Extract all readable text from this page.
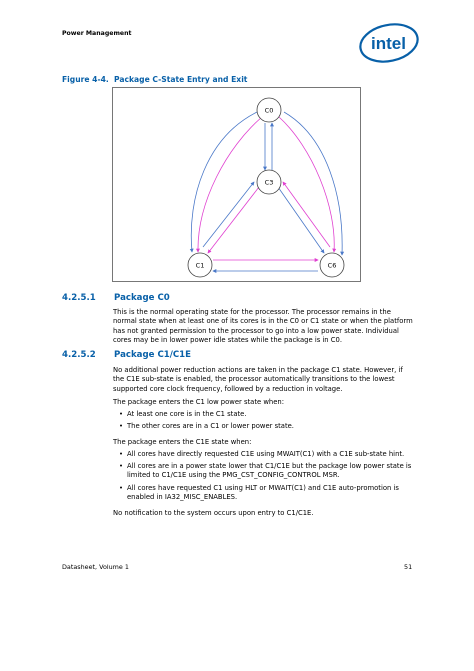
Power Management
intel
Figure 4-4. Package C-State Entry and Exit
C0
C3
C1	C6
4.2.5.1 Package C0
This is the normal operating state for the processor. The processor remains in the
normal state when at least one of its cores is in the C0 or C1 state or when the platform
has not granted permission to the processor to go into a low power state. Individual
cores may be in lower power idle states while the package is in C0.
4.2.5.2 Package C1/C1E
No additional power reduction actions are taken in the package C1 state. However, if
the C1E sub-state is enabled, the processor automatically transitions to the lowest
supported core clock frequency, followed by a reduction in voltage.
The package enters the C1 low power state when:
• At least one core is in the C1 state.
• The other cores are in a C1 or lower power state.
The package enters the C1E state when:
• All cores have directly requested C1E using MWAIT(C1) with a C1E sub-state hint.
• All cores are in a power state lower that C1/C1E but the package low power state is
limited to C1/C1E using the PMG_CST_CONFIG_CONTROL MSR.
• All cores have requested C1 using HLT or MWAIT(C1) and C1E auto-promotion is
enabled in IA32_MISC_ENABLES.
No notification to the system occurs upon entry to C1/C1E.
Datasheet, Volume 1	51
